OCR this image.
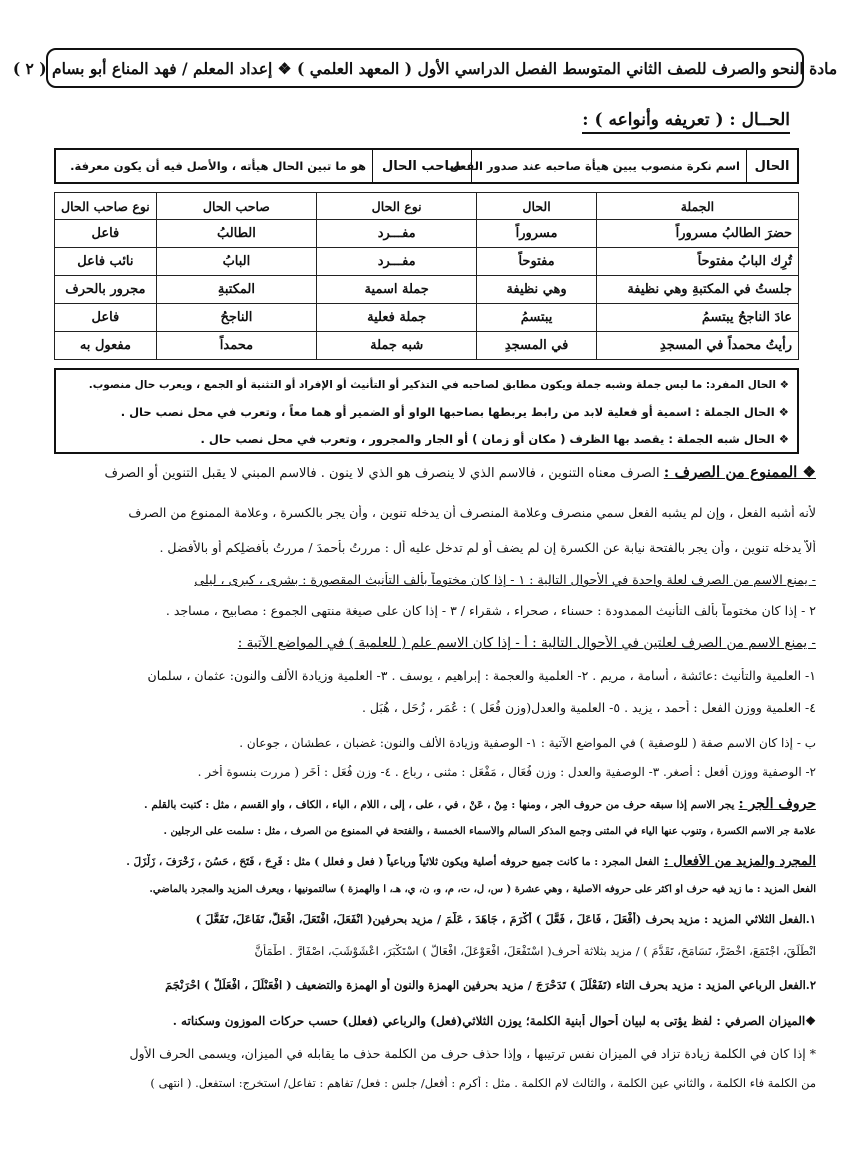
مادة النحو والصرف للصف الثاني المتوسط الفصل الدراسي الأول ( المعهد العلمي ) ❖ إعداد المعلم / فهد المناع أبو بسام ( ٢ )
الحــال : ( تعريفه وأنواعه ) :
الحال
اسم نكرة منصوب يبين هيأة صاحبه عند صدور الفعل.
صاحب الحال
هو ما تبين الحال هيأته ، والأصل فيه أن يكون معرفة.
الجملة	الحال	نوع الحال	صاحب الحال	نوع صاحب الحال
حضرَ الطالبُ مسروراً	مسروراً	مفـــرد	الطالبُ	فاعل
تُرِك البابُ مفتوحاً	مفتوحاً	مفـــرد	البابُ	نائب فاعل
جلستُ في المكتبةِ وهي نظيفة	وهي نظيفة	جملة اسمية	المكتبةِ	مجرور بالحرف
عادَ الناجحُ يبتسمُ	يبتسمُ	جملة فعلية	الناجحُ	فاعل
رأيتُ محمداً في المسجدِ	في المسجدِ	شبه جملة	محمداً	مفعول به

❖ الحال المفرد: ما ليس جملة وشبه جملة ويكون مطابق لصاحبه في التذكير أو التأنيث أو الإفراد أو التثنية أو الجمع ، ويعرب حال منصوب.

❖ الحال الجملة : اسمية أو فعلية لابد من رابط يربطها بصاحبها الواو أو الضمير أو هما معاً ، وتعرب في محل نصب حال .

❖ الحال شبه الجملة : يقصد بها الظرف ( مكان أو زمان ) أو الجار والمجرور ، وتعرب في محل نصب حال .

❖ الممنوع من الصرف : الصرف معناه التنوين ، فالاسم الذي لا ينصرف هو الذي لا ينون . فالاسم المبني لا يقبل التنوين أو الصرف
لأنه أشبه الفعل ، وإن لم يشبه الفعل سمي منصرف وعلامة المنصرف أن يدخله تنوين ، وأن يجر بالكسرة ، وعلامة الممنوع من الصرف
ألاّ يدخله تنوين ، وأن يجر بالفتحة نيابة عن الكسرة إن لم يضف أو لم تدخل عليه أل : مررتُ بأحمدَ / مررتُ بأفضلِكم أو بالأفضلِ .
- يمنع الاسم من الصرف لعلة واحدة في الأحوال التالية : ١ - إذا كان مختوماً بألف التأنيث المقصورة : بشرى ، كبرى ، ليلى
٢ - إذا كان مختوماً بألف التأنيث الممدودة : حسناء ، صحراء ، شقراء / ٣ - إذا كان على صيغة منتهى الجموع : مصابيح ، مساجد .
- يمنع الاسم من الصرف لعلتين في الأحوال التالية : أ - إذا كان الاسم علم ( للعلمية ) في المواضع الآتية :
١- العلمية والتأنيث :عائشة ، أسامة ، مريم . ٢- العلمية والعجمة : إبراهيم ، يوسف . ٣- العلمية وزيادة الألف والنون: عثمان ، سلمان
٤- العلمية ووزن الفعل : أحمد ، يزيد . ٥- العلمية والعدل(وزن فُعَل ) : عُمَر ، زُحَل ، هُبَل .
ب - إذا كان الاسم صفة ( للوصفية ) في المواضع الآتية : ١- الوصفية وزيادة الألف والنون: غضبان ، عطشان ، جوعان .
٢- الوصفية ووزن أفعل : أصغر. ٣- الوصفية والعدل : وزن فُعَال ، مَفْعَل : مثنى ، رباع . ٤- وزن فُعَل : أُخَر ( مررت بنسوة أخر .
حروف الجر : يجر الاسم إذا سبقه حرف من حروف الجر ، ومنها : مِنْ ، عَنْ ، في ، على ، إلى ، اللام ، الباء ، الكاف ، واو القسم ، مثل : كتبت بالقلم .
علامة جر الاسم الكسرة ، وتنوب عنها الياء في المثنى وجمع المذكر السالم والأسماء الخمسة ، والفتحة في الممنوع من الصرف ، مثل : سلمت على الرجلين .
المجرد والمزيد من الأفعال : الفعل المجرد : ما كانت جميع حروفه أصلية ويكون ثلاثياً ورباعياً ( فعل و فعلل ) مثل : فَرِحَ ، فَتَحَ ، حَسُنَ ، زَخْرَفَ ، زَلْزَلَ .
الفعل المزيد : ما زيد فيه حرف أو أكثر على حروفه الأصلية ، وهي عشرة ( س، ل، ت، م، و، ن، ي، هـ، ا والهمزة ) سألتمونيها ، ويعرف المزيد والمجرد بالماضي.
١.الفعل الثلاثي المزيد : مزيد بحرف (أَفْعَلَ ، فَاعَلَ ، فَعَّلَ ) أَكْرَمَ ، جَاهَدَ ، عَلَّمَ / مزيد بحرفين( انْفَعَلَ، افْتَعَلَ، افْعَلَّ، تَفَاعَلَ، تَفَعَّلَ )
انْطَلَقَ، اجْتَمَعَ، اخْضَرَّ، تَسَامَحَ، تَقَدَّمَ ) / مزيد بثلاثة أحرف( اسْتَفْعَلَ، افْعَوْعَلَ، افْعَالَّ ) اسْتَكْبَرَ، اعْشَوْشَبَ، اصْفَارَّ . اطْمَأَنَّ
٢.الفعل الرباعي المزيد : مزيد بحرف التاء (تَفَعْلَلَ ) تَدَحْرَجَ / مزيد بحرفين الهمزة والنون أو الهمزة والتضعيف ( افْعَنْلَلَ ، افْعَلَلَّ ) احْرَنْجَمَ
❖الميزان الصرفي : لفظ يؤتى به لبيان أحوال أبنية الكلمة؛ يوزن الثلاثي(فعل) والرباعي (فعلل) حسب حركات الموزون وسكناته .
* إذا كان في الكلمة زيادة تزاد في الميزان نفس ترتيبها ، وإذا حذف حرف من الكلمة حذف ما يقابله في الميزان، ويسمى الحرف الأول
من الكلمة فاء الكلمة ، والثاني عين الكلمة ، والثالث لام الكلمة . مثل : أكرم : أفعل/ جلس : فعل/ تفاهم : تفاعل/ استخرج: استفعل. ( انتهى )
